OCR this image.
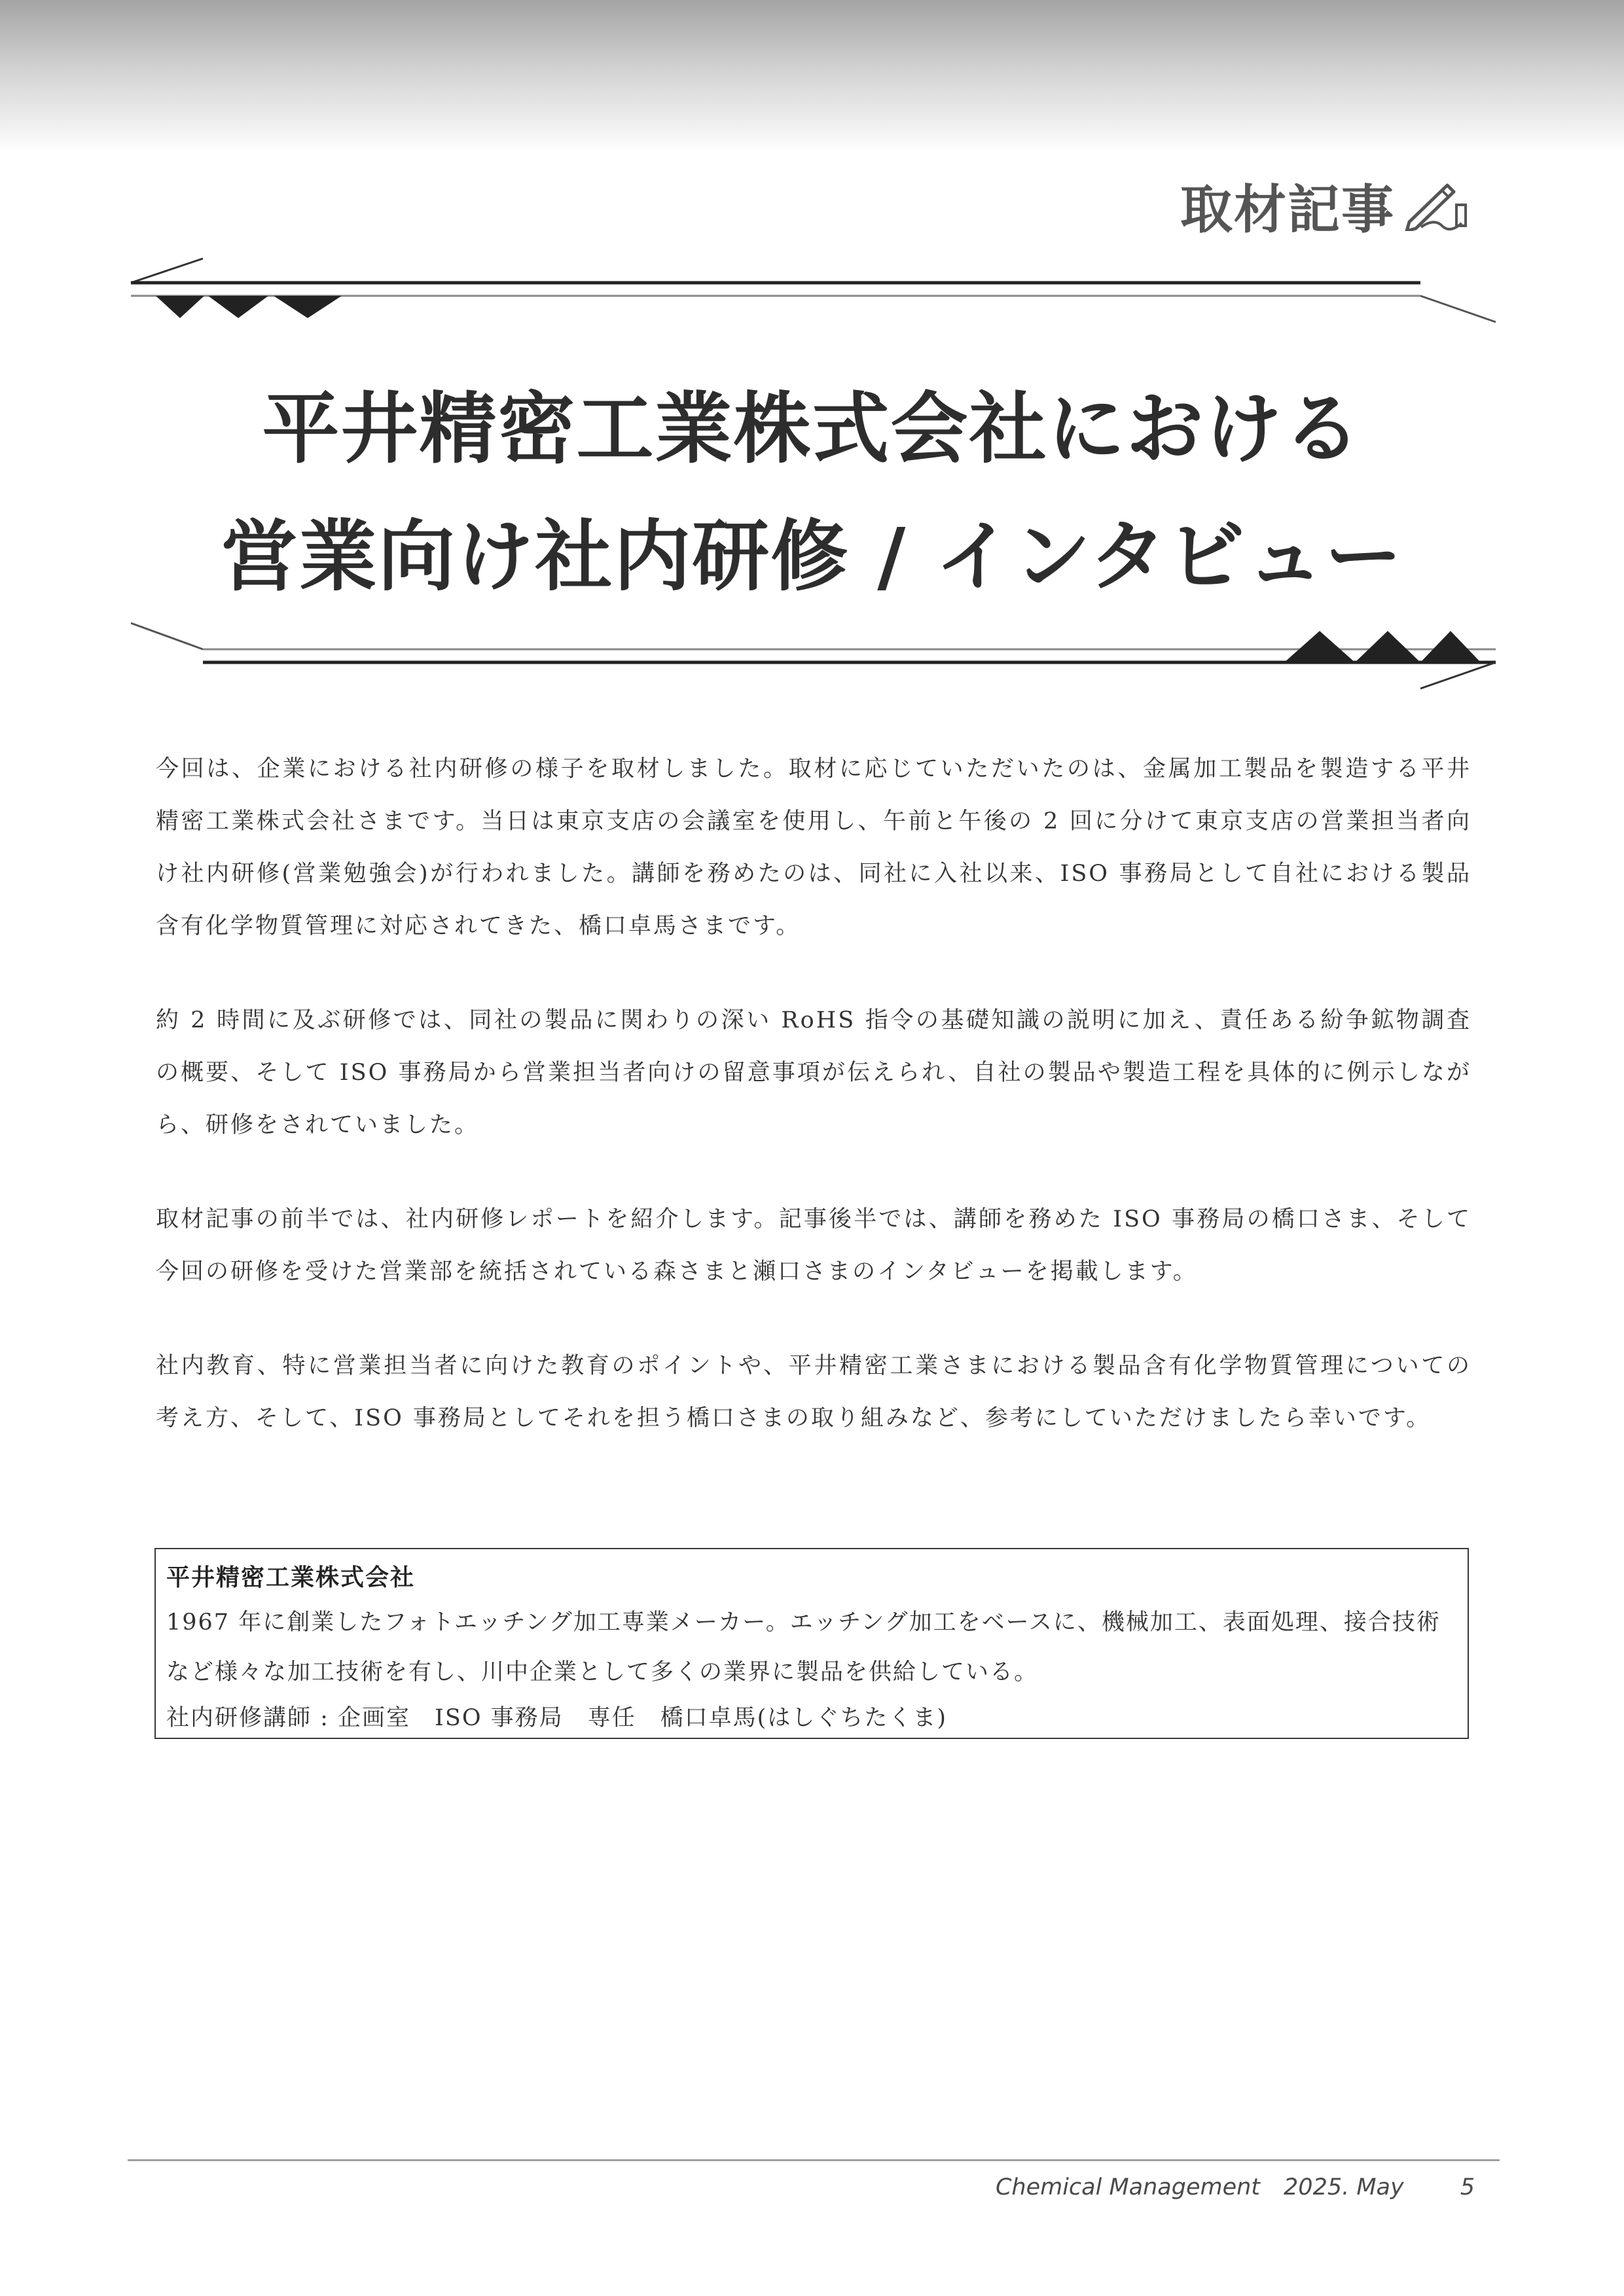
取材記事
平井精密工業株式会社における
営業向け社内研修 / インタビュー

今回は、企業における社内研修の様子を取材しました。取材に応じていただいたのは、金属加工製品を製造する平井精密工業株式会社さまです。当日は東京支店の会議室を使用し、午前と午後の 2 回に分けて東京支店の営業担当者向け社内研修(営業勉強会)が行われました。講師を務めたのは、同社に入社以来、ISO 事務局として自社における製品含有化学物質管理に対応されてきた、橋口卓馬さまです。

約 2 時間に及ぶ研修では、同社の製品に関わりの深い RoHS 指令の基礎知識の説明に加え、責任ある紛争鉱物調査の概要、そして ISO 事務局から営業担当者向けの留意事項が伝えられ、自社の製品や製造工程を具体的に例示しながら、研修をされていました。

取材記事の前半では、社内研修レポートを紹介します。記事後半では、講師を務めた ISO 事務局の橋口さま、そして今回の研修を受けた営業部を統括されている森さまと瀬口さまのインタビューを掲載します。

社内教育、特に営業担当者に向けた教育のポイントや、平井精密工業さまにおける製品含有化学物質管理についての考え方、そして、ISO 事務局としてそれを担う橋口さまの取り組みなど、参考にしていただけましたら幸いです。

平井精密工業株式会社
1967 年に創業したフォトエッチング加工専業メーカー。エッチング加工をベースに、機械加工、表面処理、接合技術など様々な加工技術を有し、川中企業として多くの業界に製品を供給している。
社内研修講師 : 企画室　ISO 事務局　専任　橋口卓馬(はしぐちたくま)
Chemical Management 2025. May 5
